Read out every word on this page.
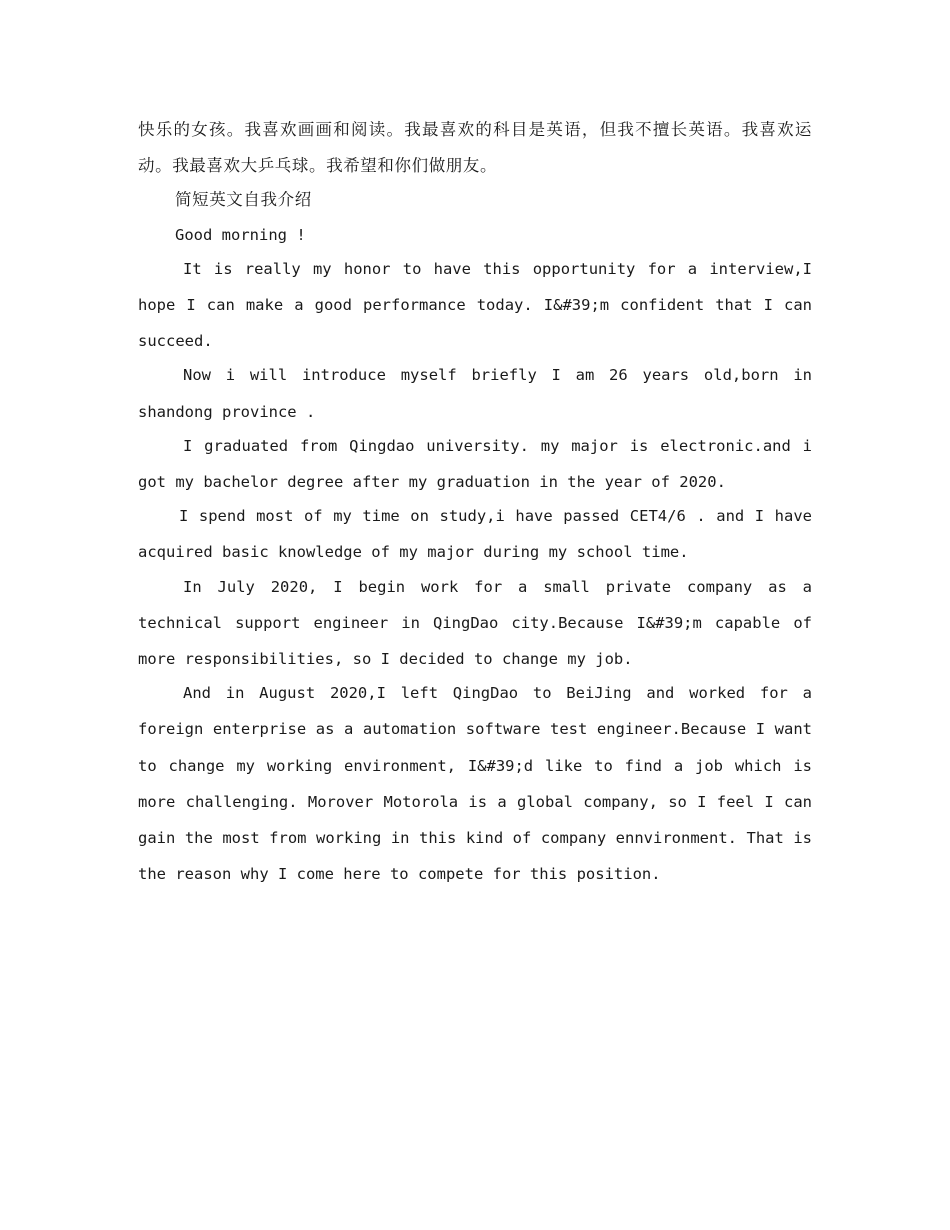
快乐的女孩。我喜欢画画和阅读。我最喜欢的科目是英语，但我不擅长英语。我喜欢运动。我最喜欢大乒乓球。我希望和你们做朋友。

简短英文自我介绍

Good morning !

It is really my honor to have this opportunity for a interview,I hope I can make a good performance today. I&#39;m confident that I can succeed.

Now i will introduce myself briefly I am 26 years old,born in shandong province .

I graduated from Qingdao university. my major is electronic.and i got my bachelor degree after my graduation in the year of 2020.

I spend most of my time on study,i have passed CET4/6 . and I have acquired basic knowledge of my major during my school time.

In July 2020, I begin work for a small private company as a technical support engineer in QingDao city.Because I&#39;m capable of more responsibilities, so I decided to change my job.

And in August 2020,I left QingDao to BeiJing and worked for a foreign enterprise as a automation software test engineer.Because I want to change my working environment, I&#39;d like to find a job which is more challenging. Morover Motorola is a global company, so I feel I can gain the most from working in this kind of company ennvironment. That is the reason why I come here to compete for this position.
